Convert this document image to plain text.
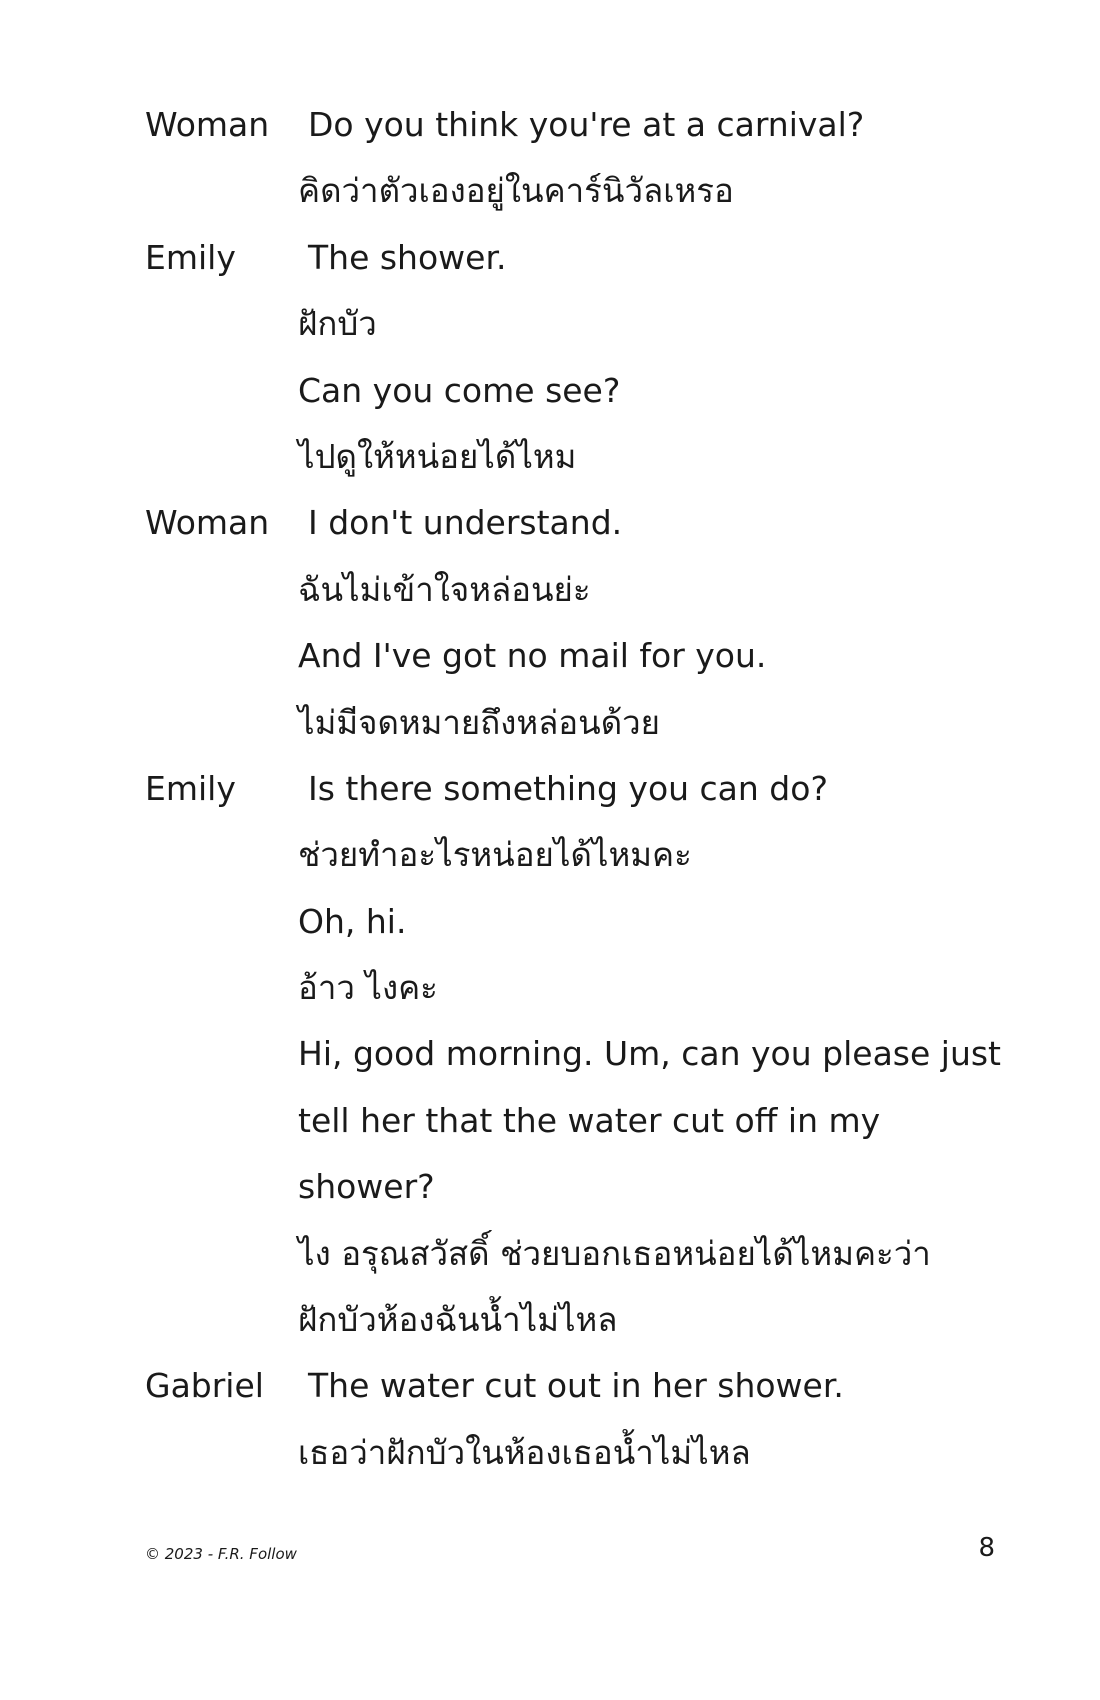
Woman Do you think you're at a carnival?
คิดว่าตัวเองอยู่ในคาร์นิวัลเหรอ
Emily The shower.
ฝักบัว
Can you come see?
ไปดูให้หน่อยได้ไหม
Woman I don't understand.
ฉันไม่เข้าใจหล่อนย่ะ
And I've got no mail for you.
ไม่มีจดหมายถึงหล่อนด้วย
Emily Is there something you can do?
ช่วยทำอะไรหน่อยได้ไหมคะ
Oh, hi.
อ้าว ไงคะ
Hi, good morning. Um, can you please just
tell her that the water cut off in my
shower?
ไง อรุณสวัสดิ์ ช่วยบอกเธอหน่อยได้ไหมคะว่า
ฝักบัวห้องฉันน้ำไม่ไหล
Gabriel The water cut out in her shower.
เธอว่าฝักบัวในห้องเธอน้ำไม่ไหล
© 2023 - F.R. Follow	8
